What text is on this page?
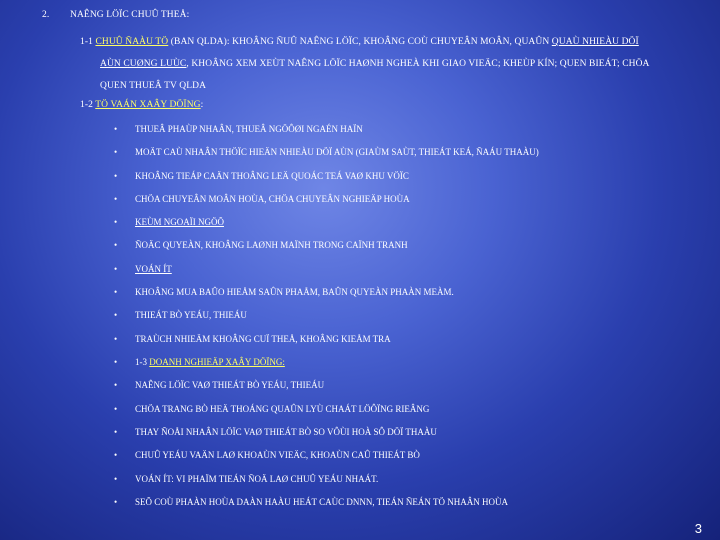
2. NAÊNG LÖÏC CHUÛ THEÅ:
1-1 CHUÛ ÑAÀU TÖ (BAN QLDA): KHOÂNG ÑUÛ NAÊNG LÖÏC, KHOÂNG COÙ CHUYEÂN MOÂN, QUAÛN QUAÙ NHIEÀU DÖÏ
AÙN CUØNG LUÙC, KHOÂNG XEM XEÙT NAÊNG LÖÏC HAØNH NGHEÀ KHI GIAO VIEÄC; KHEÙP KÍN; QUEN BIEÁT; CHÖA
QUEN THUEÂ TV QLDA
1-2 TÖ VAÁN XAÂY DÖÏNG:
• THUEÂ PHAÙP NHAÂN, THUEÂ NGÖÔØI NGAÉN HAÏN
• MOÄT CAÙ NHAÂN THÖÏC HIEÄN NHIEÀU DÖÏ AÙN (GIAÙM SAÙT, THIEÁT KEÁ, ÑAÁU THAÀU)
• KHOÂNG TIEÁP CAÄN THOÂNG LEÄ QUOÁC TEÁ VAØ KHU VÖÏC
• CHÖA CHUYEÂN MOÂN HOÙA, CHÖA CHUYEÂN NGHIEÄP HOÙA
• KEÙM NGOAÏI NGÖÕ
• ÑOÄC QUYEÀN, KHOÂNG LAØNH MAÏNH TRONG CAÏNH TRANH
• VOÁN ÍT
• KHOÂNG MUA BAÛO HIEÅM SAÛN PHAÅM, BAÛN QUYEÀN PHAÀN MEÀM.
• THIEÁT BÒ YEÁU, THIEÁU
• TRAÙCH NHIEÄM KHOÂNG CUÏ THEÅ, KHOÂNG KIEÅM TRA
• 1-3 DOANH NGHIEÄP XAÂY DÖÏNG:
• NAÊNG LÖÏC VAØ THIEÁT BÒ YEÁU, THIEÁU
• CHÖA TRANG BÒ HEÄ THOÁNG QUAÛN LYÙ CHAÁT LÖÔÏNG RIEÂNG
• THAY ÑOÅI NHAÂN LÖÏC VAØ THIEÁT BÒ SO VÔÙI HOÀ SÔ DÖÏ THAÀU
• CHUÛ YEÁU VAÄN LAØ KHOAÙN VIEÄC, KHOAÙN CAÛ THIEÁT BÒ
• VOÁN ÍT: VI PHAÏM TIEÁN ÑOÄ LAØ CHUÛ YEÁU NHAÁT.
• SEÕ COÙ PHAÀN HOÙA DAÀN HAÀU HEÁT CAÙC DNNN, TIEÁN ÑEÁN TÖ NHAÂN HOÙA
3
